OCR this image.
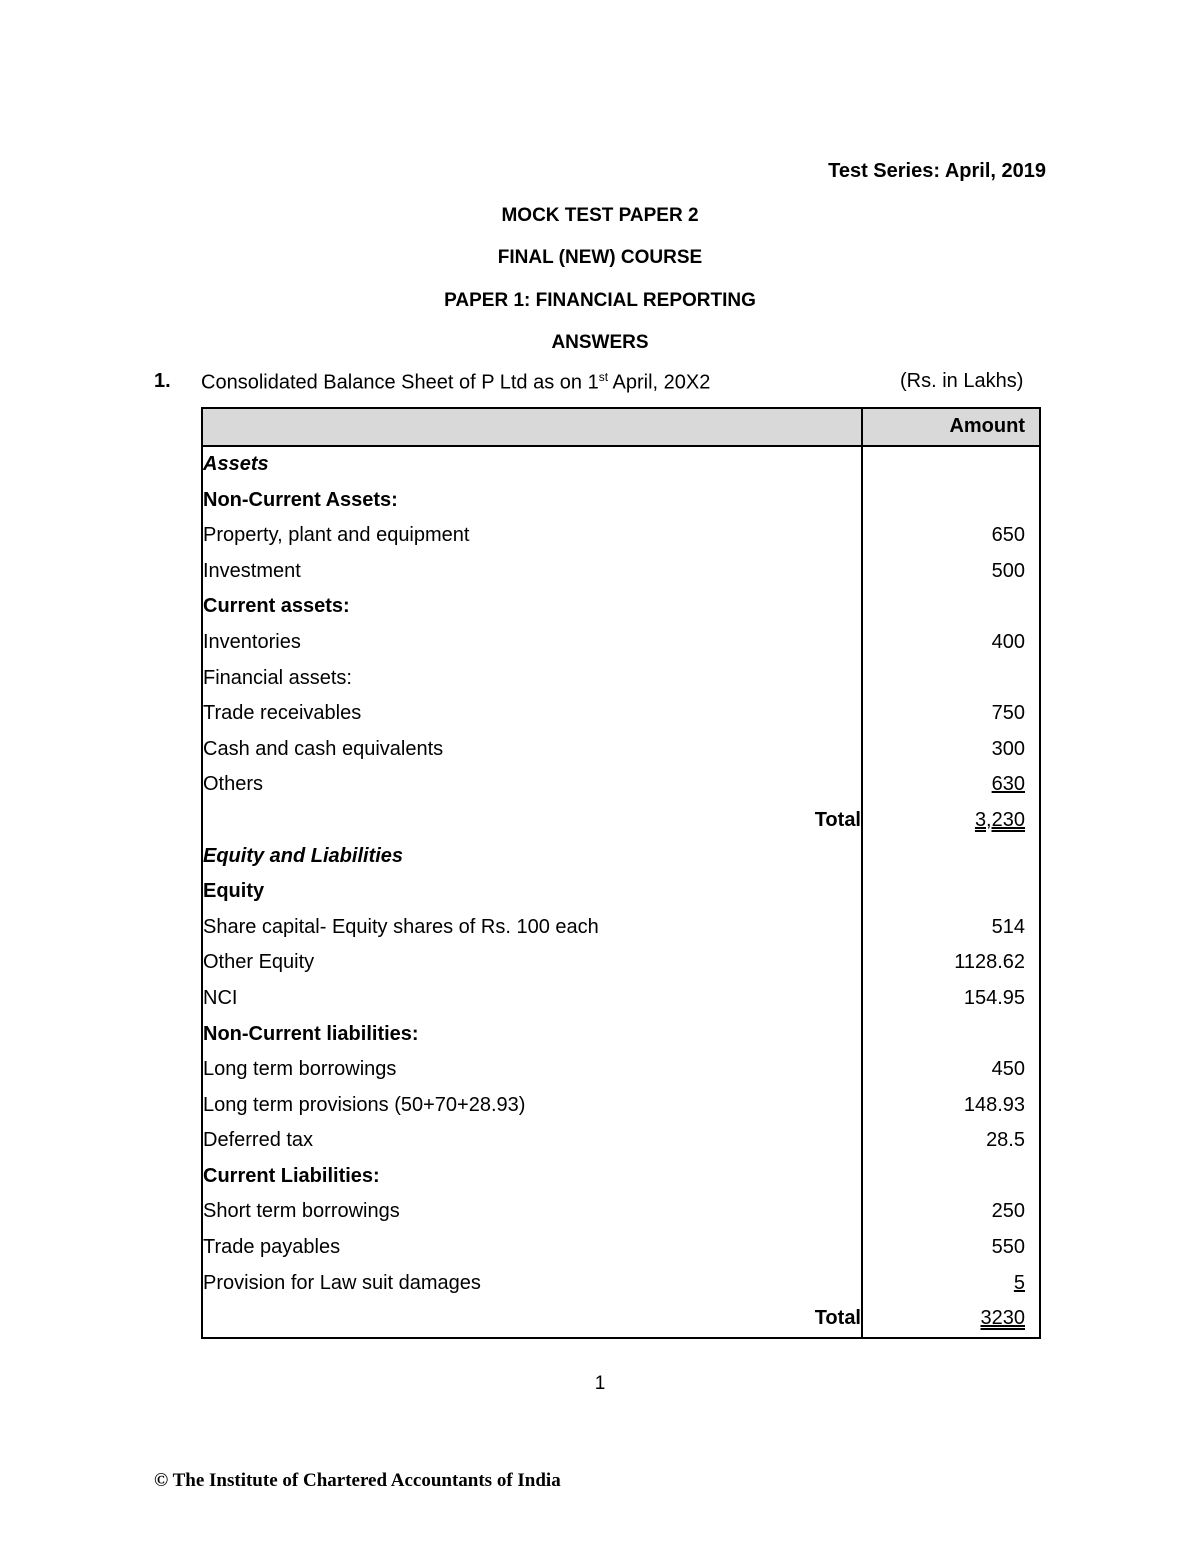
Test Series: April, 2019
MOCK TEST PAPER 2
FINAL (NEW) COURSE
PAPER 1: FINANCIAL REPORTING
ANSWERS
1. Consolidated Balance Sheet of P Ltd as on 1st April, 20X2	(Rs. in Lakhs)
	Amount
Assets	
Non-Current Assets:	
Property, plant and equipment	650
Investment	500
Current assets:	
Inventories	400
Financial assets:	
Trade receivables	750
Cash and cash equivalents	300
Others	630
Total	3,230
Equity and Liabilities	
Equity	
Share capital- Equity shares of Rs. 100 each	514
Other Equity	1128.62
NCI	154.95
Non-Current liabilities:	
Long term borrowings	450
Long term provisions (50+70+28.93)	148.93
Deferred tax	28.5
Current Liabilities:	
Short term borrowings	250
Trade payables	550
Provision for Law suit damages	5
Total	3230
1
© The Institute of Chartered Accountants of India
